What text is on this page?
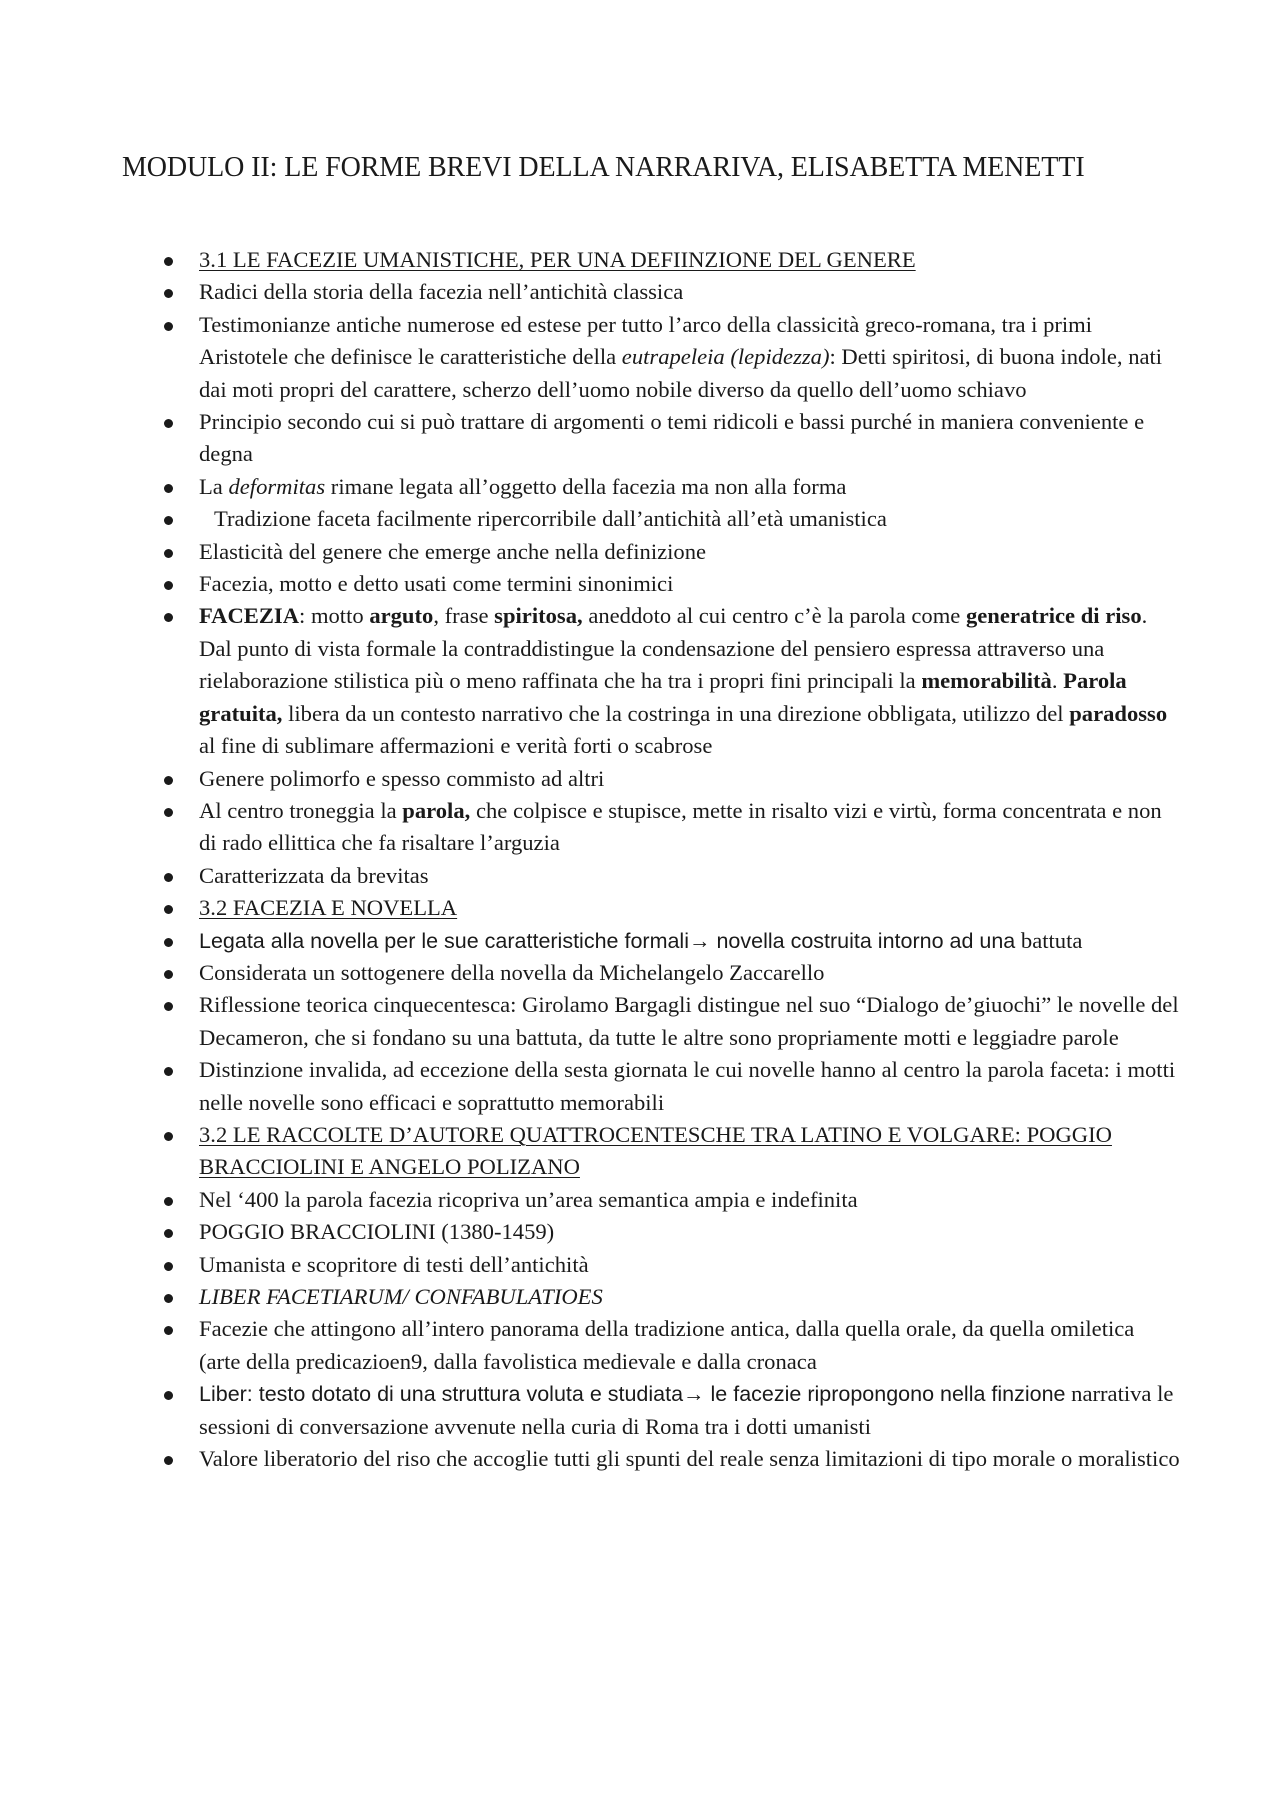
MODULO II: LE FORME BREVI DELLA NARRARIVA, ELISABETTA MENETTI
3.1 LE FACEZIE UMANISTICHE, PER UNA DEFIINZIONE DEL GENERE
Radici della storia della facezia nell’antichità classica
Testimonianze antiche numerose ed estese per tutto l’arco della classicità greco-romana, tra i primi Aristotele che definisce le caratteristiche della eutrapeleia (lepidezza): Detti spiritosi, di buona indole, nati dai moti propri del carattere, scherzo dell’uomo nobile diverso da quello dell’uomo schiavo
Principio secondo cui si può trattare di argomenti o temi ridicoli e bassi purché in maniera conveniente e degna
La deformitas rimane legata all’oggetto della facezia ma non alla forma
Tradizione faceta facilmente ripercorribile dall’antichità all’età umanistica
Elasticità del genere che emerge anche nella definizione
Facezia, motto e detto usati come termini sinonimici
FACEZIA: motto arguto, frase spiritosa, aneddoto al cui centro c’è la parola come generatrice di riso. Dal punto di vista formale la contraddistingue la condensazione del pensiero espressa attraverso una rielaborazione stilistica più o meno raffinata che ha tra i propri fini principali la memorabilità. Parola gratuita, libera da un contesto narrativo che la costringa in una direzione obbligata, utilizzo del paradosso al fine di sublimare affermazioni e verità forti o scabrose
Genere polimorfo e spesso commisto ad altri
Al centro troneggia la parola, che colpisce e stupisce, mette in risalto vizi e virtù, forma concentrata e non di rado ellittica che fa risaltare l’arguzia
Caratterizzata da brevitas
3.2 FACEZIA E NOVELLA
Legata alla novella per le sue caratteristiche formali→ novella costruita intorno ad una battuta
Considerata un sottogenere della novella da Michelangelo Zaccarello
Riflessione teorica cinquecentesca: Girolamo Bargagli distingue nel suo “Dialogo de’giuochi” le novelle del Decameron, che si fondano su una battuta, da tutte le altre sono propriamente motti e leggiadre parole
Distinzione invalida, ad eccezione della sesta giornata le cui novelle hanno al centro la parola faceta: i motti nelle novelle sono efficaci e soprattutto memorabili
3.2 LE RACCOLTE D’AUTORE QUATTROCENTESCHE TRA LATINO E VOLGARE: POGGIO BRACCIOLINI E ANGELO POLIZANO
Nel ‘400 la parola facezia ricopriva un’area semantica ampia e indefinita
POGGIO BRACCIOLINI (1380-1459)
Umanista e scopritore di testi dell’antichità
LIBER FACETIARUM/ CONFABULATIOES
Facezie che attingono all’intero panorama della tradizione antica, dalla quella orale, da quella omiletica (arte della predicazioen9, dalla favolistica medievale e dalla cronaca
Liber: testo dotato di una struttura voluta e studiata→ le facezie ripropongono nella finzione narrativa le sessioni di conversazione avvenute nella curia di Roma tra i dotti umanisti
Valore liberatorio del riso che accoglie tutti gli spunti del reale senza limitazioni di tipo morale o moralistico
